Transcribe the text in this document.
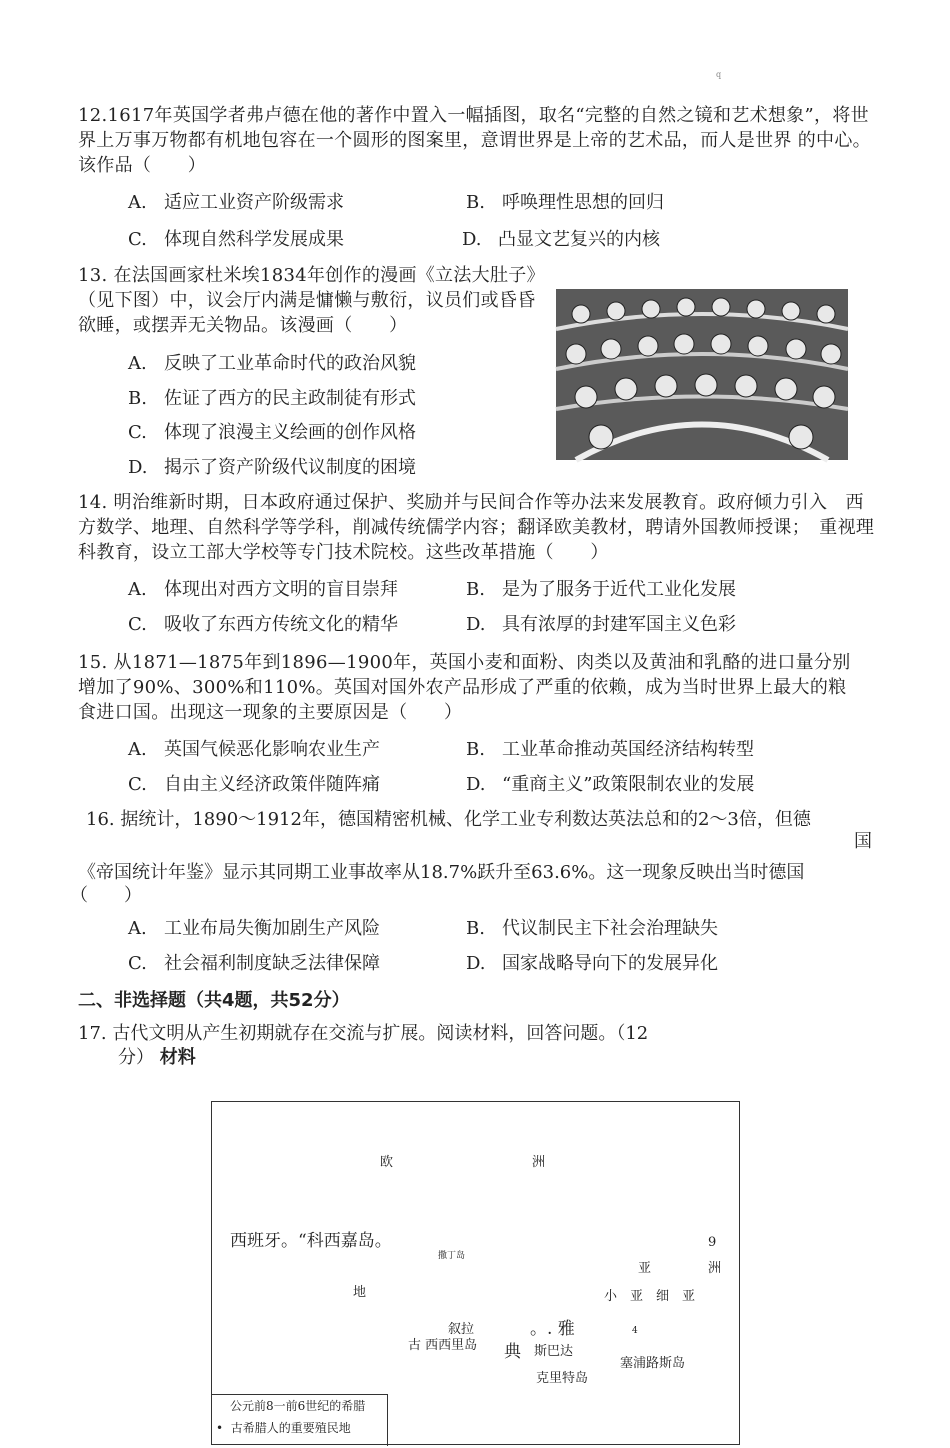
q
12.1617年英国学者弗卢德在他的著作中置入一幅插图，取名“完整的自然之镜和艺术想象”，将世界上万事万物都有机地包容在一个圆形的图案里，意谓世界是上帝的艺术品，而人是世界 的中心。该作品（　　）
A. 适应工业资产阶级需求	B. 呼唤理性思想的回归
C. 体现自然科学发展成果	D. 凸显文艺复兴的内核
13. 在法国画家杜米埃1834年创作的漫画《立法大肚子》（见下图）中，议会厅内满是慵懒与敷衍，议员们或昏昏　欲睡，或摆弄无关物品。该漫画（　　）
A. 反映了工业革命时代的政治风貌
B. 佐证了西方的民主政制徒有形式
C. 体现了浪漫主义绘画的创作风格
D. 揭示了资产阶级代议制度的困境
14. 明治维新时期，日本政府通过保护、奖励并与民间合作等办法来发展教育。政府倾力引入　西方数学、地理、自然科学等学科，削减传统儒学内容；翻译欧美教材，聘请外国教师授课；　重视理科教育，设立工部大学校等专门技术院校。这些改革措施（　　）
A. 体现出对西方文明的盲目崇拜	B. 是为了服务于近代工业化发展
C. 吸收了东西方传统文化的精华	D. 具有浓厚的封建军国主义色彩
15. 从1871—1875年到1896—1900年，英国小麦和面粉、肉类以及黄油和乳酪的进口量分别　增加了90%、300%和110%。英国对国外农产品形成了严重的依赖，成为当时世界上最大的粮　食进口国。出现这一现象的主要原因是（　　）
A. 英国气候恶化影响农业生产	B. 工业革命推动英国经济结构转型
C. 自由主义经济政策伴随阵痛	D. “重商主义”政策限制农业的发展
16. 据统计，1890～1912年，德国精密机械、化学工业专利数达英法总和的2～3倍，但德
国
《帝国统计年鉴》显示其同期工业事故率从18.7%跃升至63.6%。这一现象反映出当时德国
（　　）
A. 工业布局失衡加剧生产风险	B. 代议制民主下社会治理缺失
C. 社会福利制度缺乏法律保障	D. 国家战略导向下的发展异化
二、非选择题（共4题，共52分）
17. 古代文明从产生初期就存在交流与扩展。阅读材料，回答问题。（12
分） 材料
欧	洲
西班牙。“科西嘉岛。
撒丁岛
9
亚	洲
地	小　亚　细　亚
叙拉	。. 雅	4
古 西西里岛 典 斯巴达
塞浦路斯岛
克里特岛
公元前8一前6世纪的希腊
•  古希腊人的重要殖民地
